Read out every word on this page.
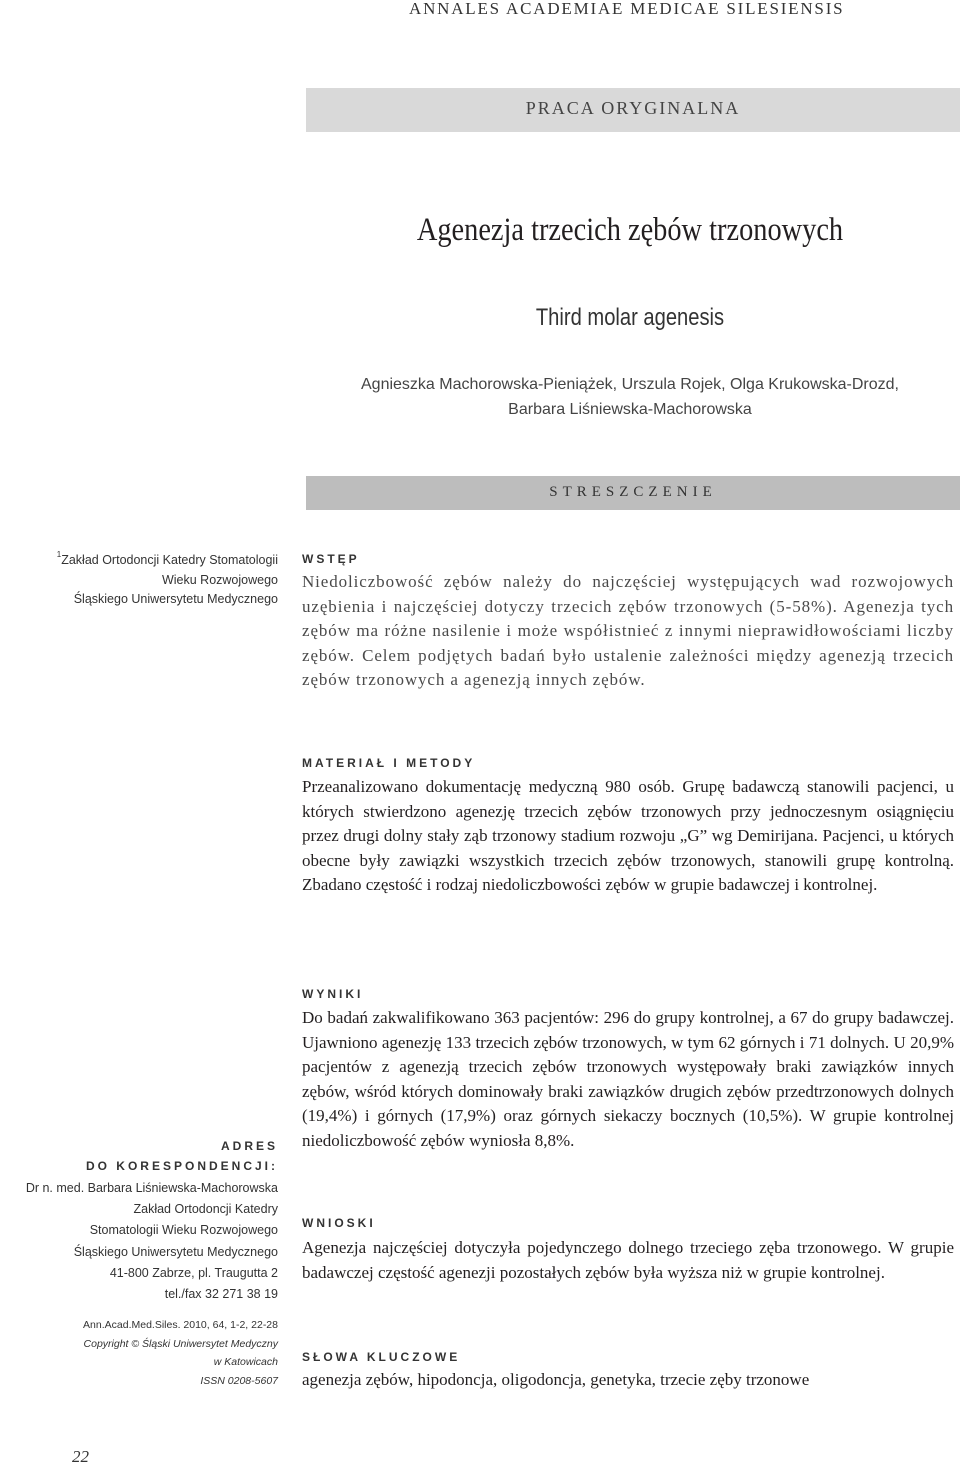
ANNALES ACADEMIAE MEDICAE SILESIENSIS
PRACA ORYGINALNA
Agenezja trzecich zębów trzonowych
Third molar agenesis
Agnieszka Machorowska-Pieniążek, Urszula Rojek, Olga Krukowska-Drozd,
Barbara Liśniewska-Machorowska
STRESZCZENIE
$^1$Zakład Ortodoncji Katedry Stomatologii
Wieku Rozwojowego
Śląskiego Uniwersytetu Medycznego
WSTĘP
Niedoliczbowość zębów należy do najczęściej występujących wad rozwojowych uzębienia i najczęściej dotyczy trzecich zębów trzonowych (5-58%). Agenezja tych zębów ma różne nasilenie i może współistnieć z innymi nieprawidłowościami liczby zębów. Celem podjętych badań było ustalenie zależności między agenezją trzecich zębów trzonowych a agenezją innych zębów.
MATERIAŁ I METODY
Przeanalizowano dokumentację medyczną 980 osób. Grupę badawczą stanowili pacjenci, u których stwierdzono agenezję trzecich zębów trzonowych przy jednoczesnym osiągnięciu przez drugi dolny stały ząb trzonowy stadium rozwoju „G” wg Demirijana. Pacjenci, u których obecne były zawiązki wszystkich trzecich zębów trzonowych, stanowili grupę kontrolną. Zbadano częstość i rodzaj niedoliczbowości zębów w grupie badawczej i kontrolnej.
WYNIKI
Do badań zakwalifikowano 363 pacjentów: 296 do grupy kontrolnej, a 67 do grupy badawczej. Ujawniono agenezję 133 trzecich zębów trzonowych, w tym 62 górnych i 71 dolnych. U 20,9% pacjentów z agenezją trzecich zębów trzonowych występowały braki zawiązków innych zębów, wśród których dominowały braki zawiązków drugich zębów przedtrzonowych dolnych (19,4%) i górnych (17,9%) oraz górnych siekaczy bocznych (10,5%). W grupie kontrolnej niedoliczbowość zębów wyniosła 8,8%.
WNIOSKI
Agenezja najczęściej dotyczyła pojedynczego dolnego trzeciego zęba trzonowego. W grupie badawczej częstość agenezji pozostałych zębów była wyższa niż w grupie kontrolnej.
SŁOWA KLUCZOWE
agenezja zębów, hipodoncja, oligodoncja, genetyka, trzecie zęby trzonowe
ADRES
DO KORESPONDENCJI:
Dr n. med. Barbara Liśniewska-Machorowska
Zakład Ortodoncji Katedry
Stomatologii Wieku Rozwojowego
Śląskiego Uniwersytetu Medycznego
41-800 Zabrze, pl. Traugutta 2
tel./fax 32 271 38 19
Ann.Acad.Med.Siles. 2010, 64, 1-2, 22-28
Copyright © Śląski Uniwersytet Medyczny
w Katowicach
ISSN 0208-5607
22
